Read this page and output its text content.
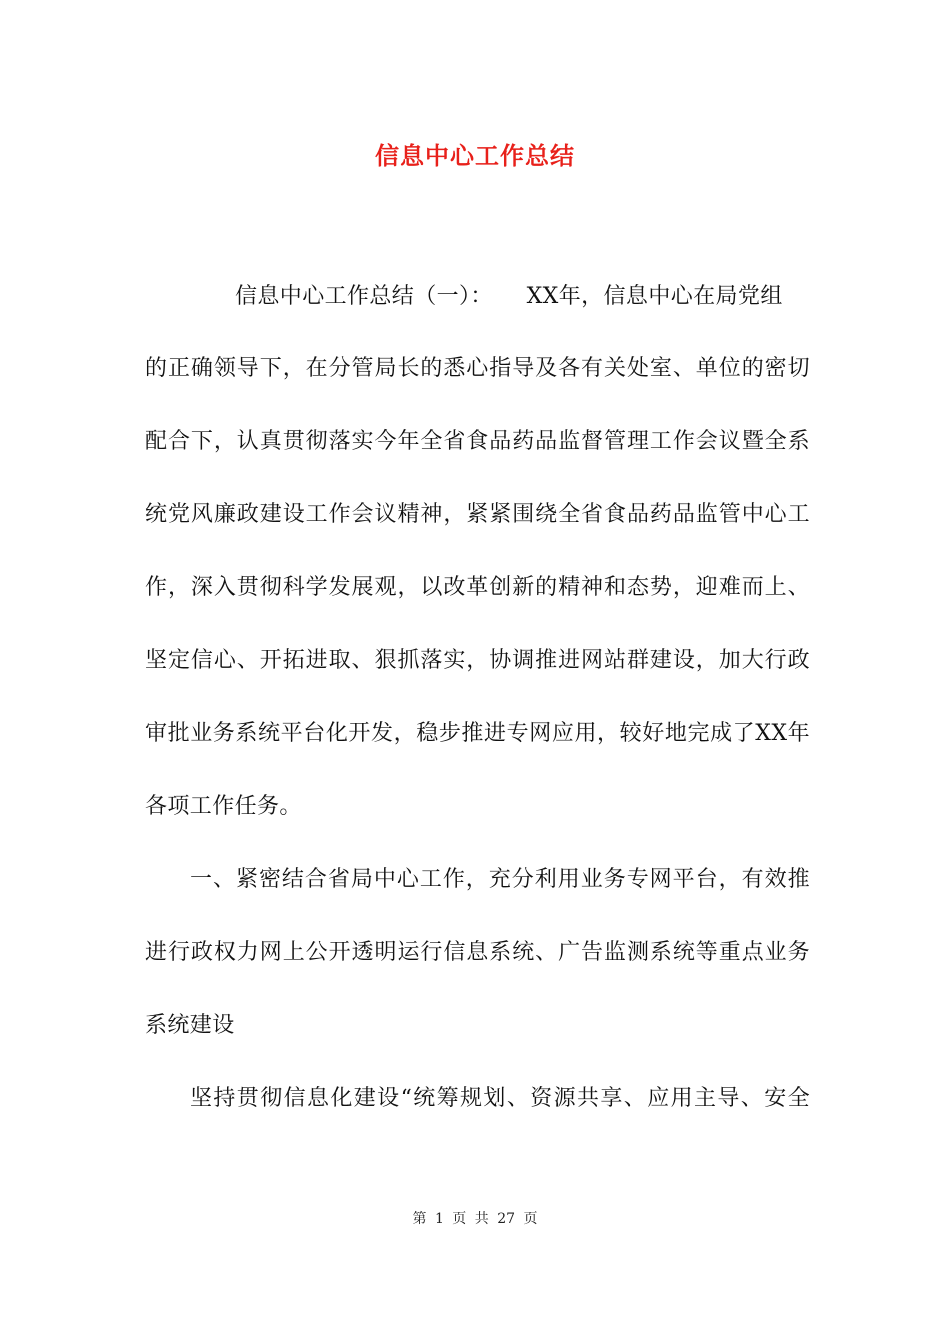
信息中心工作总结
信息中心工作总结（一）：　　XX年，信息中心在局党组
的正确领导下，在分管局长的悉心指导及各有关处室、单位的密切
配合下，认真贯彻落实今年全省食品药品监督管理工作会议暨全系
统党风廉政建设工作会议精神，紧紧围绕全省食品药品监管中心工
作，深入贯彻科学发展观，以改革创新的精神和态势，迎难而上、
坚定信心、开拓进取、狠抓落实，协调推进网站群建设，加大行政
审批业务系统平台化开发，稳步推进专网应用，较好地完成了XX年
各项工作任务。
一、紧密结合省局中心工作，充分利用业务专网平台，有效推
进行政权力网上公开透明运行信息系统、广告监测系统等重点业务
系统建设
坚持贯彻信息化建设“统筹规划、资源共享、应用主导、安全
第 1 页 共 27 页
